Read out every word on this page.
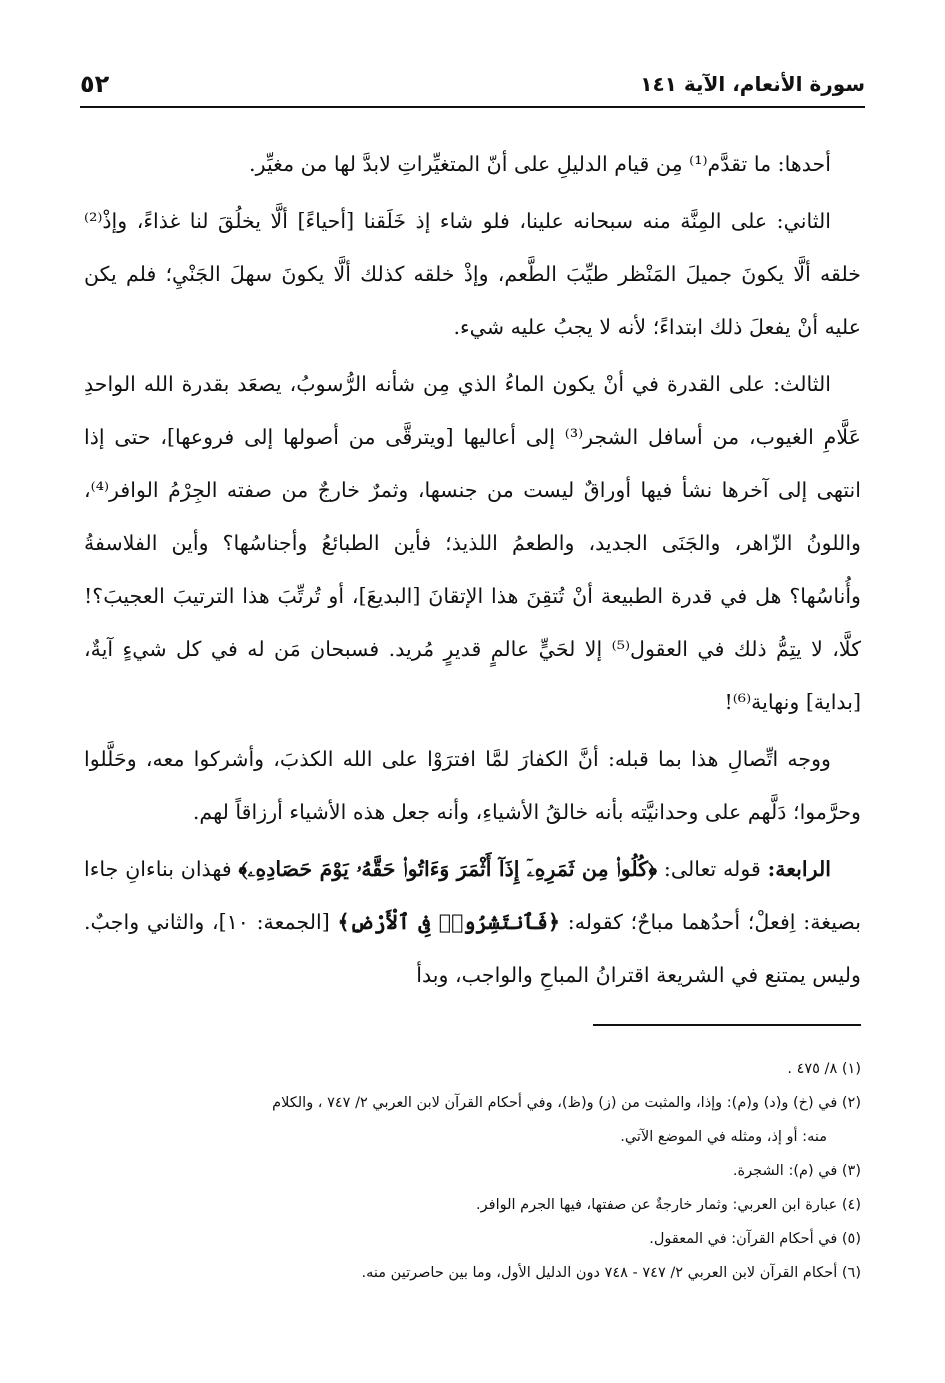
سورة الأنعام، الآية ١٤١
٥٢

أحدها: ما تقدَّم⁽¹⁾ مِن قيام الدليلِ على أنّ المتغيِّراتِ لابدَّ لها من مغيِّر.

الثاني: على المِنَّة منه سبحانه علينا، فلو شاء إذ خَلَقنا [أحياءً] ألَّا يخلُقَ لنا غذاءً، وإذْ⁽²⁾ خلقه ألَّا يكونَ جميلَ المَنْظر طيِّبَ الطَّعم، وإذْ خلقه كذلك ألَّا يكونَ سهلَ الجَنْيِ؛ فلم يكن عليه أنْ يفعلَ ذلك ابتداءً؛ لأنه لا يجبُ عليه شيء.

الثالث: على القدرة في أنْ يكون الماءُ الذي مِن شأنه الرُّسوبُ، يصعَد بقدرة الله الواحدِ عَلَّامِ الغيوب، من أسافل الشجر⁽³⁾ إلى أعاليها [ويترقَّى من أصولها إلى فروعها]، حتى إذا انتهى إلى آخرها نشأ فيها أوراقٌ ليست من جنسها، وثمرٌ خارجٌ من صفته الجِرْمُ الوافر⁽⁴⁾، واللونُ الزّاهر، والجَنَى الجديد، والطعمُ اللذيذ؛ فأين الطبائعُ وأجناسُها؟ وأين الفلاسفةُ وأُناسُها؟ هل في قدرة الطبيعة أنْ تُتقِنَ هذا الإتقانَ [البديعَ]، أو تُرتِّبَ هذا الترتيبَ العجيبَ؟! كلَّا، لا يتِمُّ ذلك في العقول⁽⁵⁾ إلا لحَيٍّ عالمٍ قديرٍ مُريد. فسبحان مَن له في كل شيءٍ آيةٌ، [بداية] ونهاية⁽⁶⁾!

ووجه اتِّصالِ هذا بما قبله: أنَّ الكفارَ لمَّا افترَوْا على الله الكذبَ، وأشركوا معه، وحَلَّلوا وحرَّموا؛ دَلَّهم على وحدانيَّته بأنه خالقُ الأشياءِ، وأنه جعل هذه الأشياء أرزاقاً لهم.

الرابعة: قوله تعالى: ﴿كُلُوا۟ مِن ثَمَرِهِۦٓ إِذَآ أَثْمَرَ وَءَاتُوا۟ حَقَّهُۥ يَوْمَ حَصَادِهِۦ﴾ فهذان بناءانِ جاءا بصيغة: اِفعلْ؛ أحدُهما مباحٌ؛ كقوله: ﴿فَٱنتَشِرُوا۟ فِى ٱلْأَرْضِ﴾ [الجمعة: ١٠]، والثاني واجبٌ. وليس يمتنع في الشريعة اقترانُ المباحِ والواجب، وبدأ

(١) ٨/ ٤٧٥ .

(٢) في (خ) و(د) و(م): وإذا، والمثبت من (ز) و(ظ)، وفي أحكام القرآن لابن العربي ٢/ ٧٤٧ ، والكلام

منه: أو إذ، ومثله في الموضع الآتي.

(٣) في (م): الشجرة.

(٤) عبارة ابن العربي: وثمار خارجةٌ عن صفتها، فيها الجرم الوافر.

(٥) في أحكام القرآن: في المعقول.

(٦) أحكام القرآن لابن العربي ٢/ ٧٤٧ - ٧٤٨ دون الدليل الأول، وما بين حاصرتين منه.
